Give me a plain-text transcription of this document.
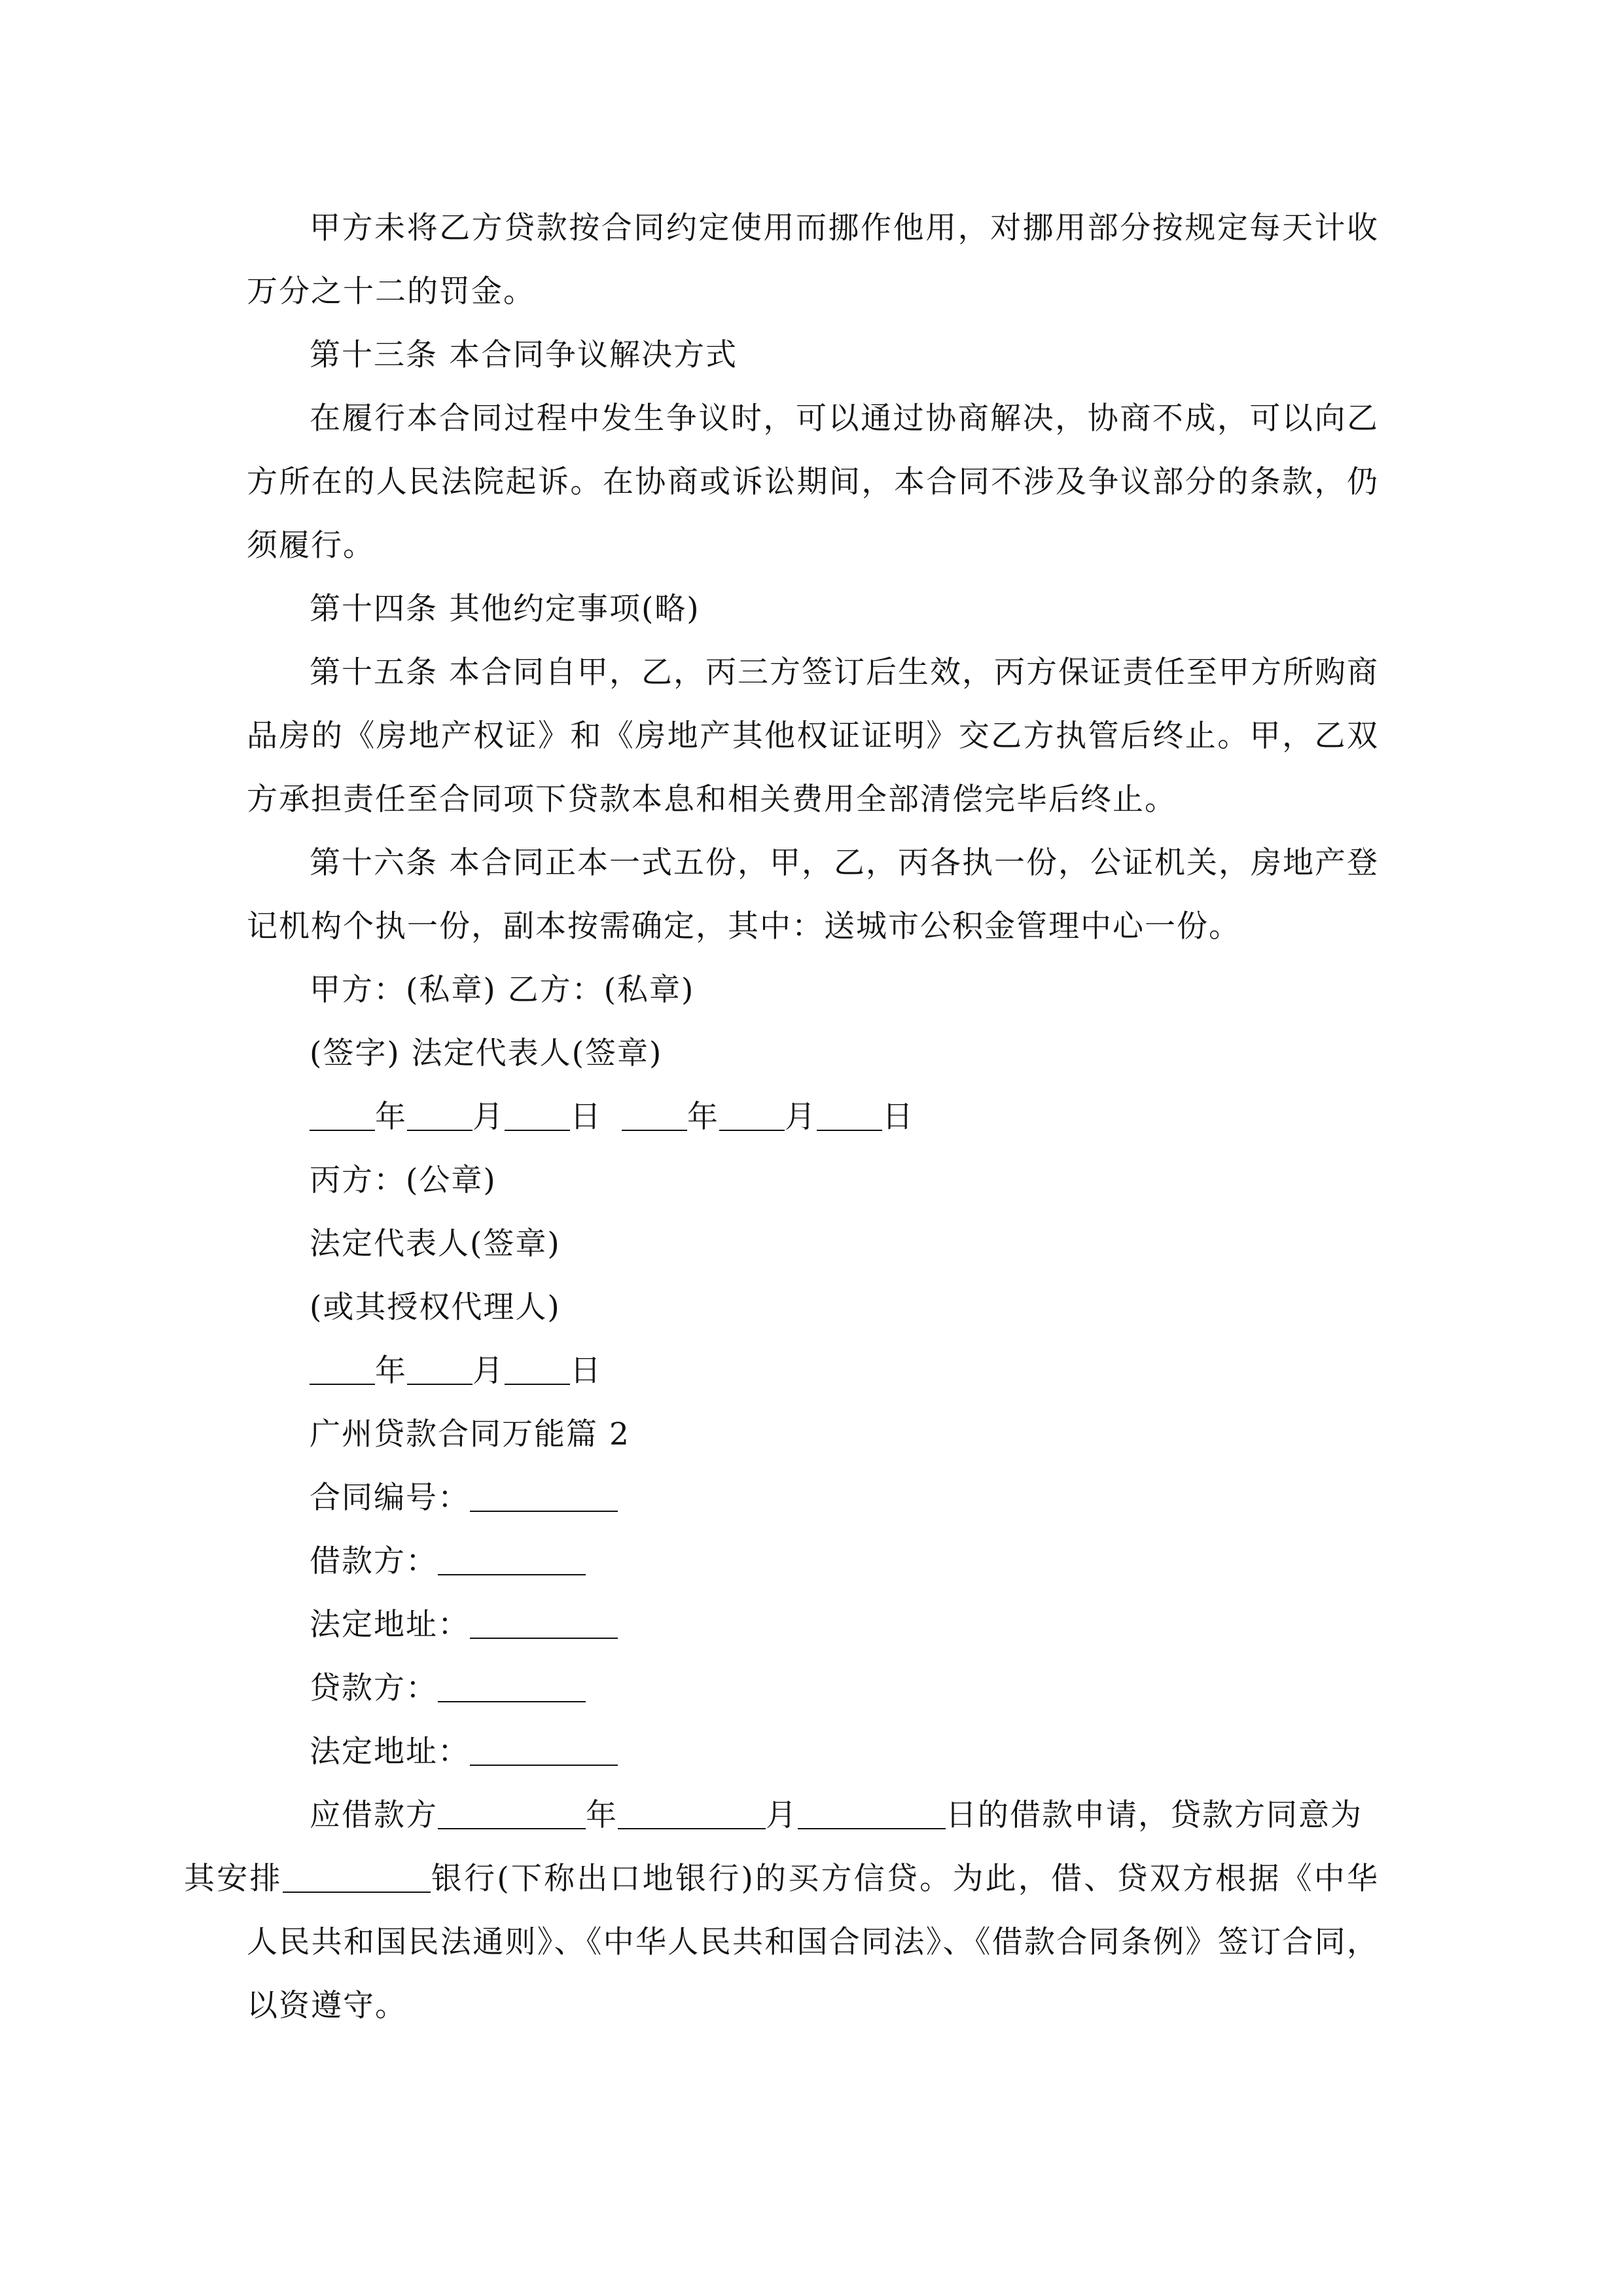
甲方未将乙方贷款按合同约定使用而挪作他用，对挪用部分按规定每天计收万分之十二的罚金。

第十三条 本合同争议解决方式

在履行本合同过程中发生争议时，可以通过协商解决，协商不成，可以向乙方所在的人民法院起诉。在协商或诉讼期间，本合同不涉及争议部分的条款，仍须履行。

第十四条 其他约定事项(略)

第十五条 本合同自甲，乙，丙三方签订后生效，丙方保证责任至甲方所购商品房的《房地产权证》和《房地产其他权证证明》交乙方执管后终止。甲，乙双方承担责任至合同项下贷款本息和相关费用全部清偿完毕后终止。

第十六条 本合同正本一式五份，甲，乙，丙各执一份，公证机关，房地产登记机构个执一份，副本按需确定，其中：送城市公积金管理中心一份。

甲方：(私章) 乙方：(私章)

(签字) 法定代表人(签章)

年 月 日	年 月 日

丙方：(公章)

法定代表人(签章)

(或其授权代理人)

年 月 日

广州贷款合同万能篇 2

合同编号：

借款方：

法定地址：

贷款方：

法定地址：

应借款方	年	月	日的借款申请，贷款方同意为
其安排	银行(下称出口地银行)的买方信贷。为此，借、贷双方根据《中华人民共和国民法通则》、《中华人民共和国合同法》、《借款合同条例》签订合同，以资遵守。
